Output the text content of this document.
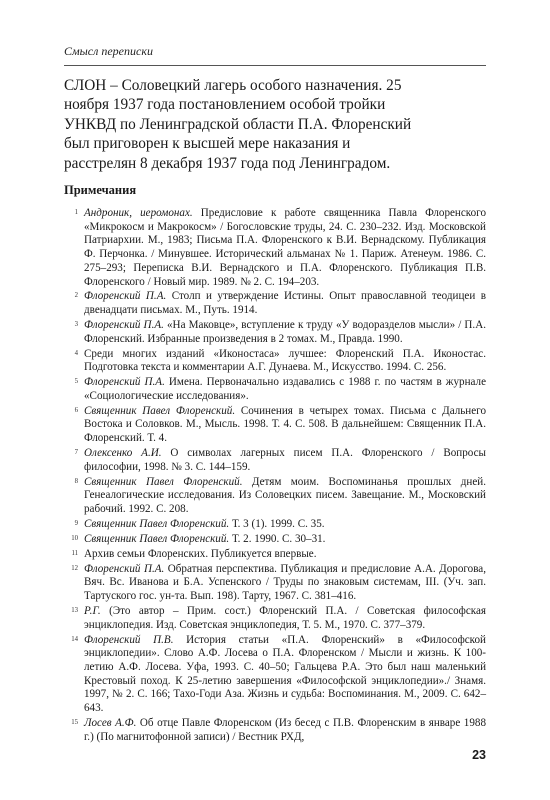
Смысл переписки

СЛОН – Соловецкий лагерь особого назначения. 25 ноября 1937 года постановлением особой тройки УНКВД по Ленинградской области П.А. Флоренский был приговорен к высшей мере наказания и расстрелян 8 декабря 1937 года под Ленинградом.

Примечания
1 Андроник, иеромонах. Предисловие к работе священника Павла Флоренского «Микрокосм и Макрокосм» / Богословские труды, 24. С. 230–232. Изд. Московской Патриархии. М., 1983; Письма П.А. Флоренского к В.И. Вернадскому. Публикация Ф. Перчонка. / Минувшее. Исторический альманах № 1. Париж. Атенеум. 1986. С. 275–293; Переписка В.И. Вернадского и П.А. Флоренского. Публикация П.В. Флоренского / Новый мир. 1989. № 2. С. 194–203.
2 Флоренский П.А. Столп и утверждение Истины. Опыт православной теодицеи в двенадцати письмах. М., Путь. 1914.
3 Флоренский П.А. «На Маковце», вступление к труду «У водоразделов мысли» / П.А. Флоренский. Избранные произведения в 2 томах. М., Правда. 1990.
4 Среди многих изданий «Иконостаса» лучшее: Флоренский П.А. Иконостас. Подготовка текста и комментарии А.Г. Дунаева. М., Искусство. 1994. С. 256.
5 Флоренский П.А. Имена. Первоначально издавались с 1988 г. по частям в журнале «Социологические исследования».
6 Священник Павел Флоренский. Сочинения в четырех томах. Письма с Дальнего Востока и Соловков. М., Мысль. 1998. Т. 4. С. 508. В дальнейшем: Священник П.А. Флоренский. Т. 4.
7 Олексенко А.И. О символах лагерных писем П.А. Флоренского / Вопросы философии, 1998. № 3. С. 144–159.
8 Священник Павел Флоренский. Детям моим. Воспоминанья прошлых дней. Генеалогические исследования. Из Соловецких писем. Завещание. М., Московский рабочий. 1992. С. 208.
9 Священник Павел Флоренский. Т. 3 (1). 1999. С. 35.
10 Священник Павел Флоренский. Т. 2. 1990. С. 30–31.
11 Архив семьи Флоренских. Публикуется впервые.
12 Флоренский П.А. Обратная перспектива. Публикация и предисловие А.А. Дорогова, Вяч. Вс. Иванова и Б.А. Успенского / Труды по знаковым системам, III. (Уч. зап. Тартуского гос. ун-та. Вып. 198). Тарту, 1967. С. 381–416.
13 Р.Г. (Это автор – Прим. сост.) Флоренский П.А. / Советская философская энциклопедия. Изд. Советская энциклопедия, Т. 5. М., 1970. С. 377–379.
14 Флоренский П.В. История статьи «П.А. Флоренский» в «Философской энциклопедии». Слово А.Ф. Лосева о П.А. Флоренском / Мысли и жизнь. К 100-летию А.Ф. Лосева. Уфа, 1993. С. 40–50; Гальцева Р.А. Это был наш маленький Крестовый поход. К 25-летию завершения «Философской энциклопедии»./ Знамя. 1997, № 2. С. 166; Тахо-Годи Аза. Жизнь и судьба: Воспоминания. М., 2009. С. 642–643.
15 Лосев А.Ф. Об отце Павле Флоренском (Из бесед с П.В. Флоренским в январе 1988 г.) (По магнитофонной записи) / Вестник РХД,
23
